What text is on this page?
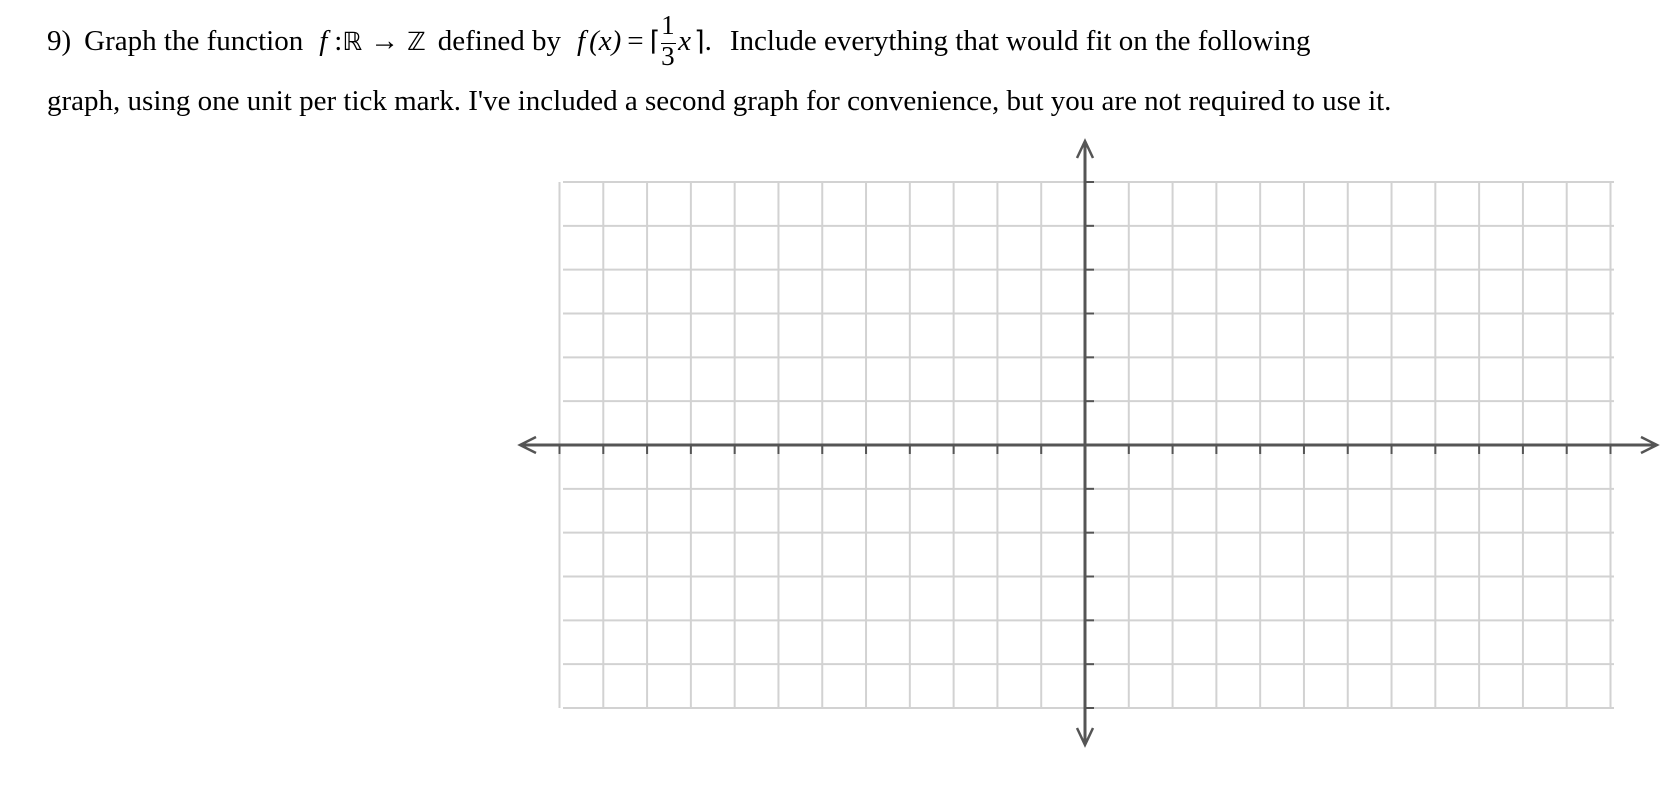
9) Graph the function f :ℝ → ℤ defined by f (x) = ⌈ $\frac{1}{3}$ x ⌉. Include everything that would fit on the following
graph, using one unit per tick mark. I've included a second graph for convenience, but you are not required to use it.
